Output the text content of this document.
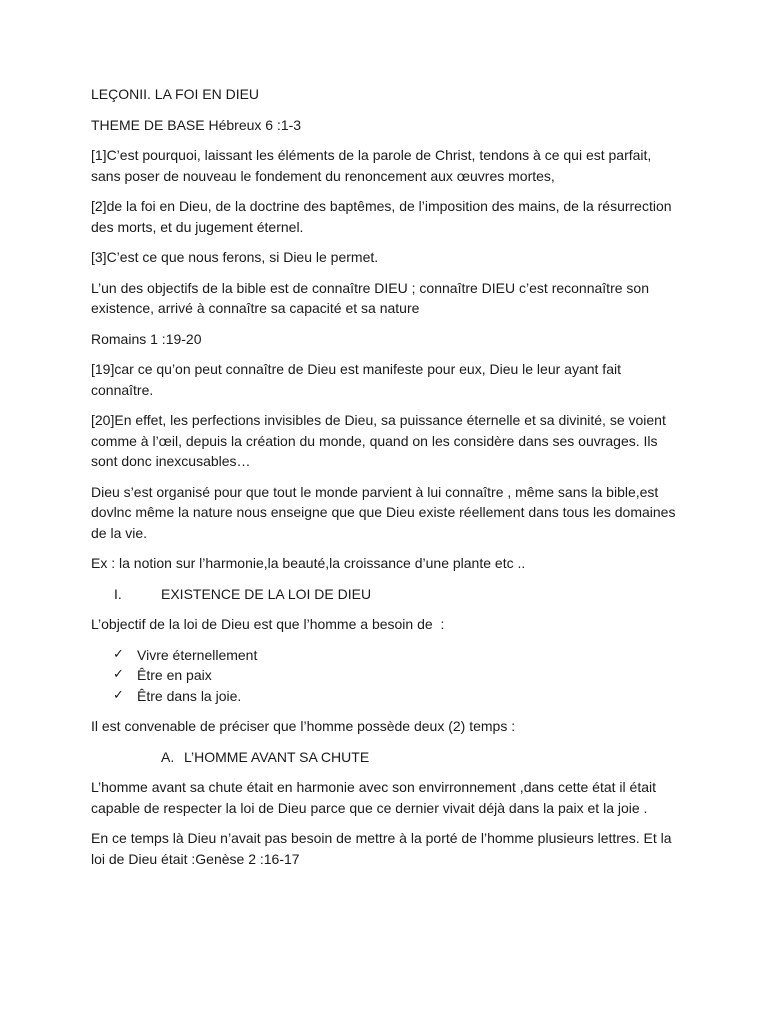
LEÇONII. LA FOI EN DIEU

THEME DE BASE Hébreux 6 :1-3

[1]C’est pourquoi, laissant les éléments de la parole de Christ, tendons à ce qui est parfait, sans poser de nouveau le fondement du renoncement aux œuvres mortes,

[2]de la foi en Dieu, de la doctrine des baptêmes, de l’imposition des mains, de la résurrection des morts, et du jugement éternel.

[3]C’est ce que nous ferons, si Dieu le permet.

L’un des objectifs de la bible est de connaître DIEU ; connaître DIEU c’est reconnaître son existence, arrivé à connaître sa capacité et sa nature

Romains 1 :19-20

[19]car ce qu’on peut connaître de Dieu est manifeste pour eux, Dieu le leur ayant fait connaître.

[20]En effet, les perfections invisibles de Dieu, sa puissance éternelle et sa divinité, se voient comme à l’œil, depuis la création du monde, quand on les considère dans ses ouvrages. Ils sont donc inexcusables…

Dieu s’est organisé pour que tout le monde parvient à lui connaître , même sans la bible,est dovlnc même la nature nous enseigne que que Dieu existe réellement dans tous les domaines de la vie.

Ex : la notion sur l’harmonie,la beauté,la croissance d’une plante etc ..

I.	EXISTENCE DE LA LOI DE DIEU

L’objectif de la loi de Dieu est que l’homme a besoin de  :

✓ Vivre éternellement
✓ Être en paix
✓ Être dans la joie.

Il est convenable de préciser que l’homme possède deux (2) temps :

A. L’HOMME AVANT SA CHUTE

L’homme avant sa chute était en harmonie avec son envirronnement ,dans cette état il était capable de respecter la loi de Dieu parce que ce dernier vivait déjà dans la paix et la joie .

En ce temps là Dieu n’avait pas besoin de mettre à la porté de l’homme plusieurs lettres. Et la loi de Dieu était :Genèse 2 :16-17
